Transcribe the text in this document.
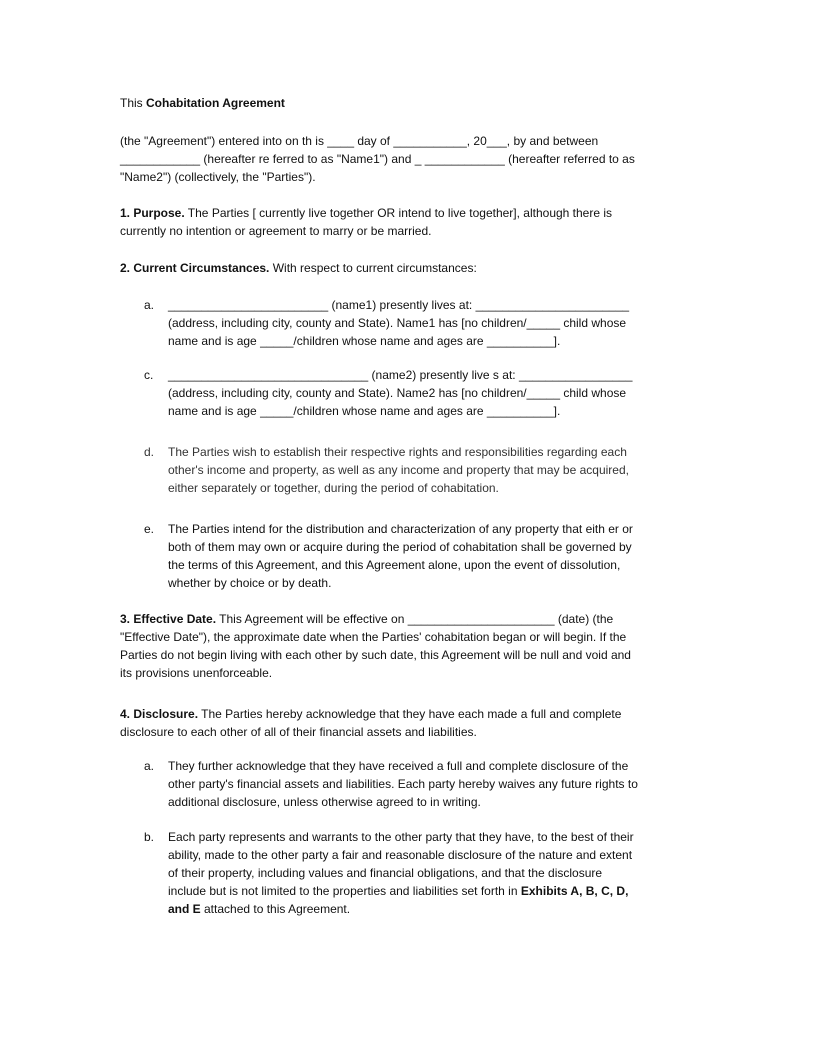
This Cohabitation Agreement

(the "Agreement") entered into on th is ____ day of ___________, 20___, by and between
____________ (hereafter re ferred to as "Name1") and _ ____________ (hereafter referred to as
"Name2") (collectively, the "Parties").

1. Purpose. The Parties [ currently live together OR intend to live together], although there is
currently no intention or agreement to marry or be married.

2. Current Circumstances. With respect to current circumstances:

a.	________________________ (name1) presently lives at: _______________________
(address, including city, county and State). Name1 has [no children/_____ child whose
name and is age _____/children whose name and ages are __________].
c.	______________________________ (name2) presently live s at: _________________
(address, including city, county and State). Name2 has [no children/_____ child whose
name and is age _____/children whose name and ages are __________].
d.	The Parties wish to establish their respective rights and responsibilities regarding each
other's income and property, as well as any income and property that may be acquired,
either separately or together, during the period of cohabitation.
e.	The Parties intend for the distribution and characterization of any property that eith er or
both of them may own or acquire during the period of cohabitation shall be governed by
the terms of this Agreement, and this Agreement alone, upon the event of dissolution,
whether by choice or by death.

3. Effective Date. This Agreement will be effective on ______________________ (date) (the
"Effective Date"), the approximate date when the Parties' cohabitation began or will begin. If the
Parties do not begin living with each other by such date, this Agreement will be null and void and
its provisions unenforceable.

4. Disclosure. The Parties hereby acknowledge that they have each made a full and complete
disclosure to each other of all of their financial assets and liabilities.

a.	They further acknowledge that they have received a full and complete disclosure of the
other party's financial assets and liabilities. Each party hereby waives any future rights to
additional disclosure, unless otherwise agreed to in writing.
b.	Each party represents and warrants to the other party that they have, to the best of their
ability, made to the other party a fair and reasonable disclosure of the nature and extent
of their property, including values and financial obligations, and that the disclosure
include but is not limited to the properties and liabilities set forth in Exhibits A, B, C, D,
and E attached to this Agreement.
